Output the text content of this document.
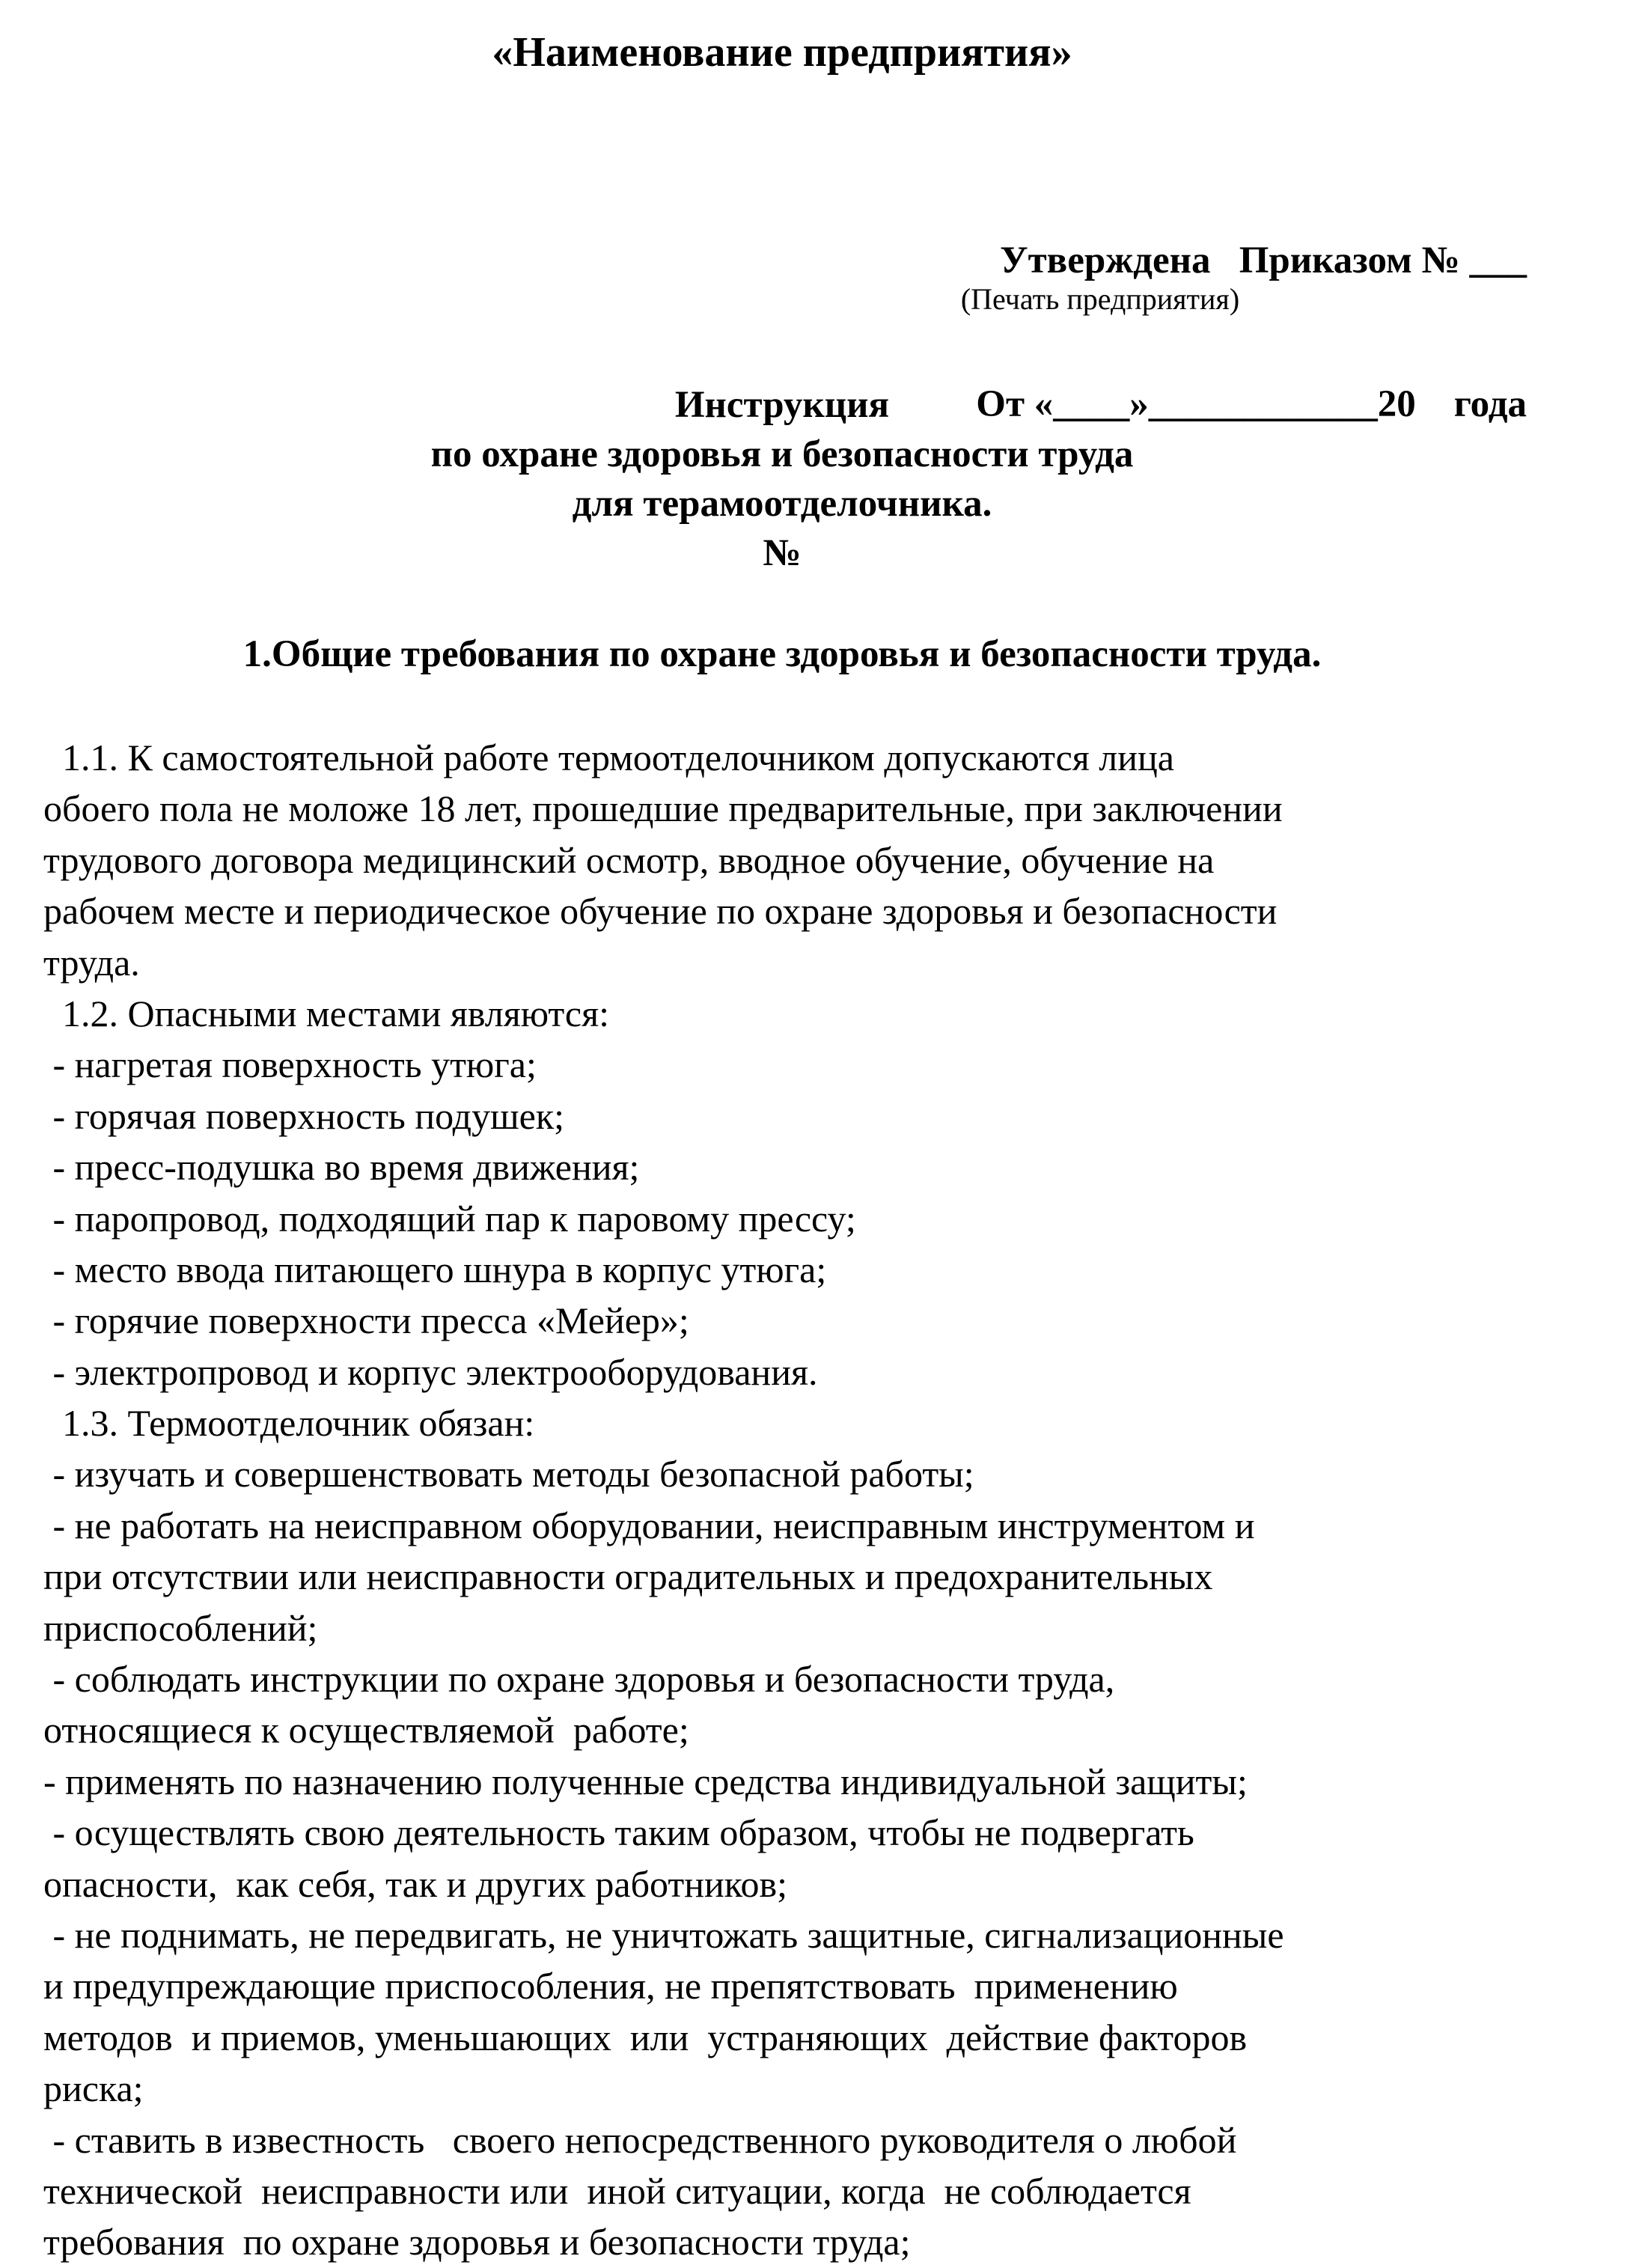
«Наименование предприятия»

Утверждена   Приказом № ___

От «____»____________20    года

(Печать предприятия)
Инструкция
по охране здоровья и безопасности труда
для терамоотделочника.
№
1.Общие требования по охране здоровья и безопасности труда.
1.1. К самостоятельной работе термоотделочником допускаются лица
обоего пола не моложе 18 лет, прошедшие предварительные, при заключении
трудового договора медицинский осмотр, вводное обучение, обучение на
рабочем месте и периодическое обучение по охране здоровья и безопасности
труда.
1.2. Опасными местами являются:
- нагретая поверхность утюга;
- горячая поверхность подушек;
- пресс-подушка во время движения;
- паропровод, подходящий пар к паровому прессу;
- место ввода питающего шнура в корпус утюга;
- горячие поверхности пресса «Мейер»;
- электропровод и корпус электрооборудования.
1.3. Термоотделочник обязан:
- изучать и совершенствовать методы безопасной работы;
- не работать на неисправном оборудовании, неисправным инструментом и
при отсутствии или неисправности оградительных и предохранительных
приспособлений;
- соблюдать инструкции по охране здоровья и безопасности труда,
относящиеся к осуществляемой  работе;
- применять по назначению полученные средства индивидуальной защиты;
- осуществлять свою деятельность таким образом, чтобы не подвергать
опасности,  как себя, так и других работников;
- не поднимать, не передвигать, не уничтожать защитные, сигнализационные
и предупреждающие приспособления, не препятствовать  применению
методов  и приемов, уменьшающих  или  устраняющих  действие факторов
риска;
- ставить в известность   своего непосредственного руководителя о любой
технической  неисправности или  иной ситуации, когда  не соблюдается
требования  по охране здоровья и безопасности труда;
